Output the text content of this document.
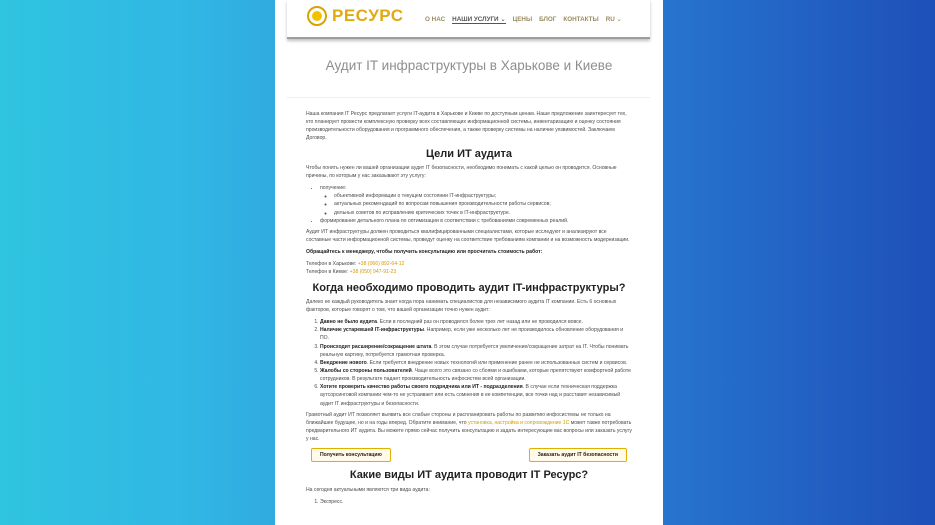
РЕСУРС	О НАС НАШИ УСЛУГИ ⌄ ЦЕНЫ БЛОГ КОНТАКТЫ RU ⌄
Аудит IT инфраструктуры в Харькове и Киеве

Наша компания IT Ресурс предлагает услуги IT-аудита в Харькове и Киеве по доступным ценам. Наше предложение заинтересует тех, кто планирует провести комплексную проверку всех составляющих информационной системы, инвентаризацию и оценку состояния производительности оборудования и программного обеспечения, а также проверку системы на наличие уязвимостей. Заключаем Договор.

Цели ИТ аудита

Чтобы понять нужен ли вашей организации аудит IT безопасности, необходимо понимать с какой целью он проводится. Основные причины, по которым у нас заказывают эту услугу:

• получение:
◦ объективной информации о текущем состоянии IT-инфраструктуры;
◦ актуальных рекомендаций по вопросам повышения производительности работы сервисов;
◦ дельных советов по исправлению критических точек в IT-инфраструктуре.
• формирование детального плана по оптимизации в соответствии с требованиями современных реалий.

Аудит ИТ инфраструктуры должен проводиться квалифицированными специалистами, которые исследуют и анализируют все составные части информационной системы, проведут оценку на соответствие требованиям компании и на возможность модернизации.

Обращайтесь к менеджеру, чтобы получить консультацию или просчитать стоимость работ:

Телефон в Харькове: +38 (066) 892-64-12
Телефон в Киеве: +38 (050) 947-91-23

Когда необходимо проводить аудит IT-инфраструктуры?

Далеко не каждый руководитель знает когда пора нанимать специалистов для независимого аудита IT компании. Есть 6 основных факторов, которые говорят о том, что вашей организации точно нужен аудит:

1. Давно не было аудита. Если в последний раз он проводился более трех лет назад или не проводился вовсе.
2. Наличие устаревшей IT-инфраструктуры. Например, если уже несколько лет не производилось обновление оборудования и ПО.
3. Происходит расширение/сокращение штата. В этом случае потребуется увеличение/сокращение затрат на IT. Чтобы понимать реальную картину, потребуется грамотная проверка.
4. Внедрение нового. Если требуется внедрение новых технологий или применение ранее не использованных систем и сервисов.
5. Жалобы со стороны пользователей. Чаще всего это связано со сбоями и ошибками, которые препятствуют комфортной работе сотрудников. В результате падает производительность инфосистем всей организации.
6. Хотите проверить качество работы своего подрядчика или ИТ - подразделения. В случае если техническая поддержка аутсорсинговой компании чем-то не устраивает или есть сомнения в ее компетенции, все точки над и расставит независимый аудит IT инфраструктуры и безопасности.

Грамотный аудит ИТ позволяет выявить все слабые стороны и распланировать работы по развитию инфосистемы не только на ближайшее будущее, но и на годы вперед. Обратите внимание, что установка, настройка и сопровождение 1С может также потребовать предварительного ИТ аудита. Вы можете прямо сейчас получить консультацию и задать интересующие вас вопросы или заказать услугу у нас.

Получить консультацию	Заказать аудит IT безопасности
Какие виды ИТ аудита проводит IT Ресурс?

На сегодня актуальными являются три вида аудита:

1. Экспресс.
